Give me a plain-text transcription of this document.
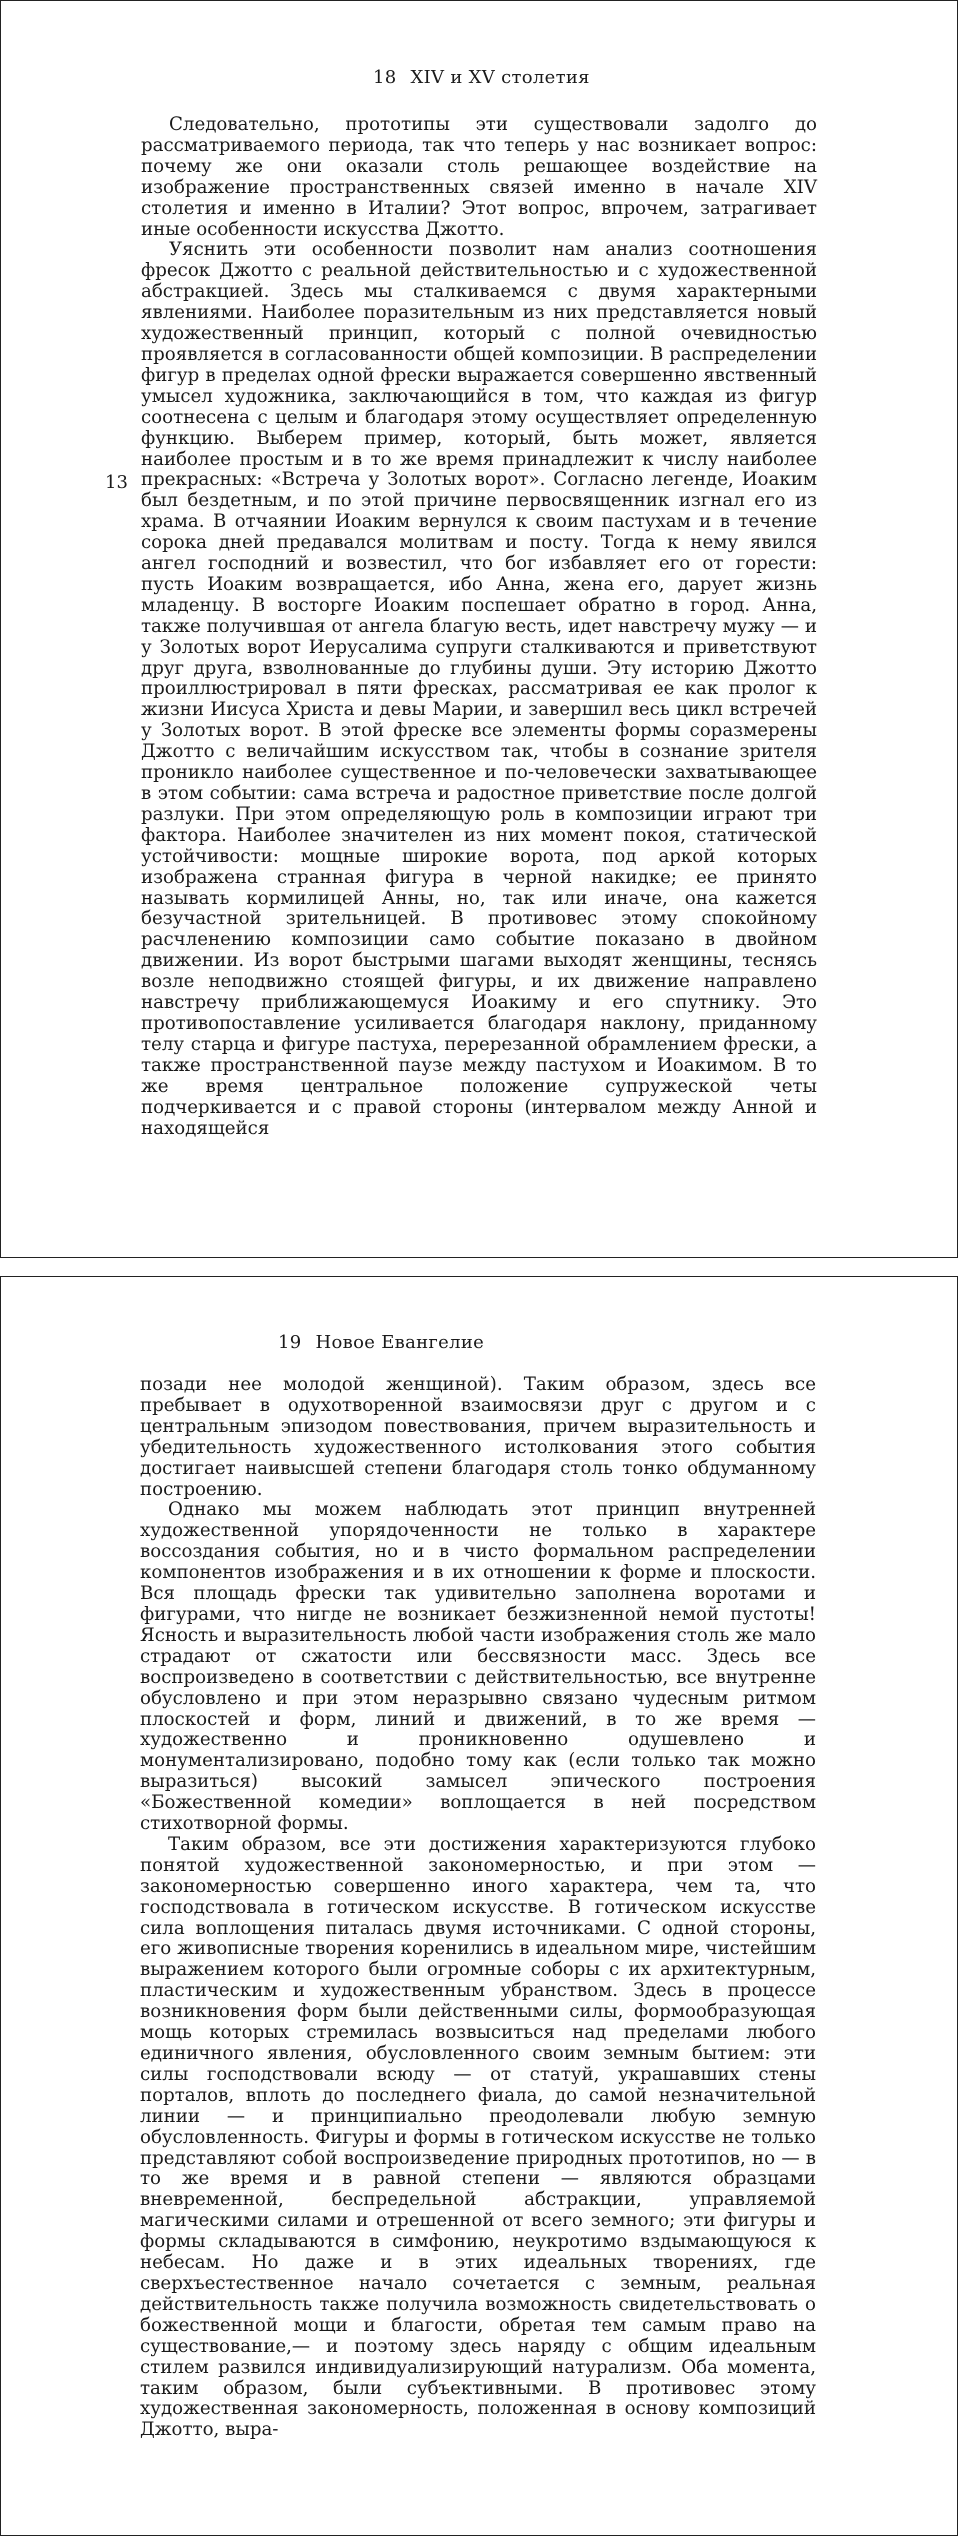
18 XIV и XV столетия
13

Следовательно, прототипы эти существовали задолго до рассматриваемого периода, так что теперь у нас возникает вопрос: почему же они оказали столь решающее воздействие на изображение пространственных связей именно в начале XIV столетия и именно в Италии? Этот вопрос, впрочем, затрагивает иные особенности искусства Джотто.

Уяснить эти особенности позволит нам анализ соотношения фресок Джотто с реальной действительностью и с художественной абстракцией. Здесь мы сталкиваемся с двумя характерными явлениями. Наиболее поразительным из них представляется новый художественный принцип, который с полной очевидностью проявляется в согласованности общей композиции. В распределении фигур в пределах одной фрески выражается совершенно явственный умысел художника, заключающийся в том, что каждая из фигур соотнесена с целым и благодаря этому осуществляет определенную функцию. Выберем пример, который, быть может, является наиболее простым и в то же время принадлежит к числу наиболее прекрасных: «Встреча у Золотых ворот». Согласно легенде, Иоаким был бездетным, и по этой причине первосвященник изгнал его из храма. В отчаянии Иоаким вернулся к своим пастухам и в течение сорока дней предавался молитвам и посту. Тогда к нему явился ангел господний и возвестил, что бог избавляет его от горести: пусть Иоаким возвращается, ибо Анна, жена его, дарует жизнь младенцу. В восторге Иоаким поспешает обратно в город. Анна, также получившая от ангела благую весть, идет навстречу мужу — и у Золотых ворот Иерусалима супруги сталкиваются и приветствуют друг друга, взволнованные до глубины души. Эту историю Джотто проиллюстрировал в пяти фресках, рассматривая ее как пролог к жизни Иисуса Христа и девы Марии, и завершил весь цикл встречей у Золотых ворот. В этой фреске все элементы формы соразмерены Джотто с величайшим искусством так, чтобы в сознание зрителя проникло наиболее существенное и по-человечески захватывающее в этом событии: сама встреча и радостное приветствие после долгой разлуки. При этом определяющую роль в композиции играют три фактора. Наиболее значителен из них момент покоя, статической устойчивости: мощные широкие ворота, под аркой которых изображена странная фигура в черной накидке; ее принято называть кормилицей Анны, но, так или иначе, она кажется безучастной зрительницей. В противовес этому спокойному расчленению композиции само событие показано в двойном движении. Из ворот быстрыми шагами выходят женщины, теснясь возле неподвижно стоящей фигуры, и их движение направлено навстречу приближающемуся Иоакиму и его спутнику. Это противопоставление усиливается благодаря наклону, приданному телу старца и фигуре пастуха, перерезанной обрамлением фрески, а также пространственной паузе между пастухом и Иоакимом. В то же время центральное положение супружеской четы подчеркивается и с правой стороны (интервалом между Анной и находящейся

19 Новое Евангелие

позади нее молодой женщиной). Таким образом, здесь все пребывает в одухотворенной взаимосвязи друг с другом и с центральным эпизодом повествования, причем выразительность и убедительность художественного истолкования этого события достигает наивысшей степени благодаря столь тонко обдуманному построению.

Однако мы можем наблюдать этот принцип внутренней художественной упорядоченности не только в характере воссоздания события, но и в чисто формальном распределении компонентов изображения и в их отношении к форме и плоскости. Вся площадь фрески так удивительно заполнена воротами и фигурами, что нигде не возникает безжизненной немой пустоты! Ясность и выразительность любой части изображения столь же мало страдают от сжатости или бессвязности масс. Здесь все воспроизведено в соответствии с действительностью, все внутренне обусловлено и при этом неразрывно связано чудесным ритмом плоскостей и форм, линий и движений, в то же время — художественно и проникновенно одушевлено и монументализировано, подобно тому как (если только так можно выразиться) высокий замысел эпического построения «Божественной комедии» воплощается в ней посредством стихотворной формы.

Таким образом, все эти достижения характеризуются глубоко понятой художественной закономерностью, и при этом — закономерностью совершенно иного характера, чем та, что господствовала в готическом искусстве. В готическом искусстве сила воплощения питалась двумя источниками. С одной стороны, его живописные творения коренились в идеальном мире, чистейшим выражением которого были огромные соборы с их архитектурным, пластическим и художественным убранством. Здесь в процессе возникновения форм были действенными силы, формообразующая мощь которых стремилась возвыситься над пределами любого единичного явления, обусловленного своим земным бытием: эти силы господствовали всюду — от статуй, украшавших стены порталов, вплоть до последнего фиала, до самой незначительной линии — и принципиально преодолевали любую земную обусловленность. Фигуры и формы в готическом искусстве не только представляют собой воспроизведение природных прототипов, но — в то же время и в равной степени — являются образцами вневременной, беспредельной абстракции, управляемой магическими силами и отрешенной от всего земного; эти фигуры и формы складываются в симфонию, неукротимо вздымающуюся к небесам. Но даже и в этих идеальных творениях, где сверхъестественное начало сочетается с земным, реальная действительность также получила возможность свидетельствовать о божественной мощи и благости, обретая тем самым право на существование,— и поэтому здесь наряду с общим идеальным стилем развился индивидуализирующий натурализм. Оба момента, таким образом, были субъективными. В противовес этому художественная закономерность, положенная в основу композиций Джотто, выра-
